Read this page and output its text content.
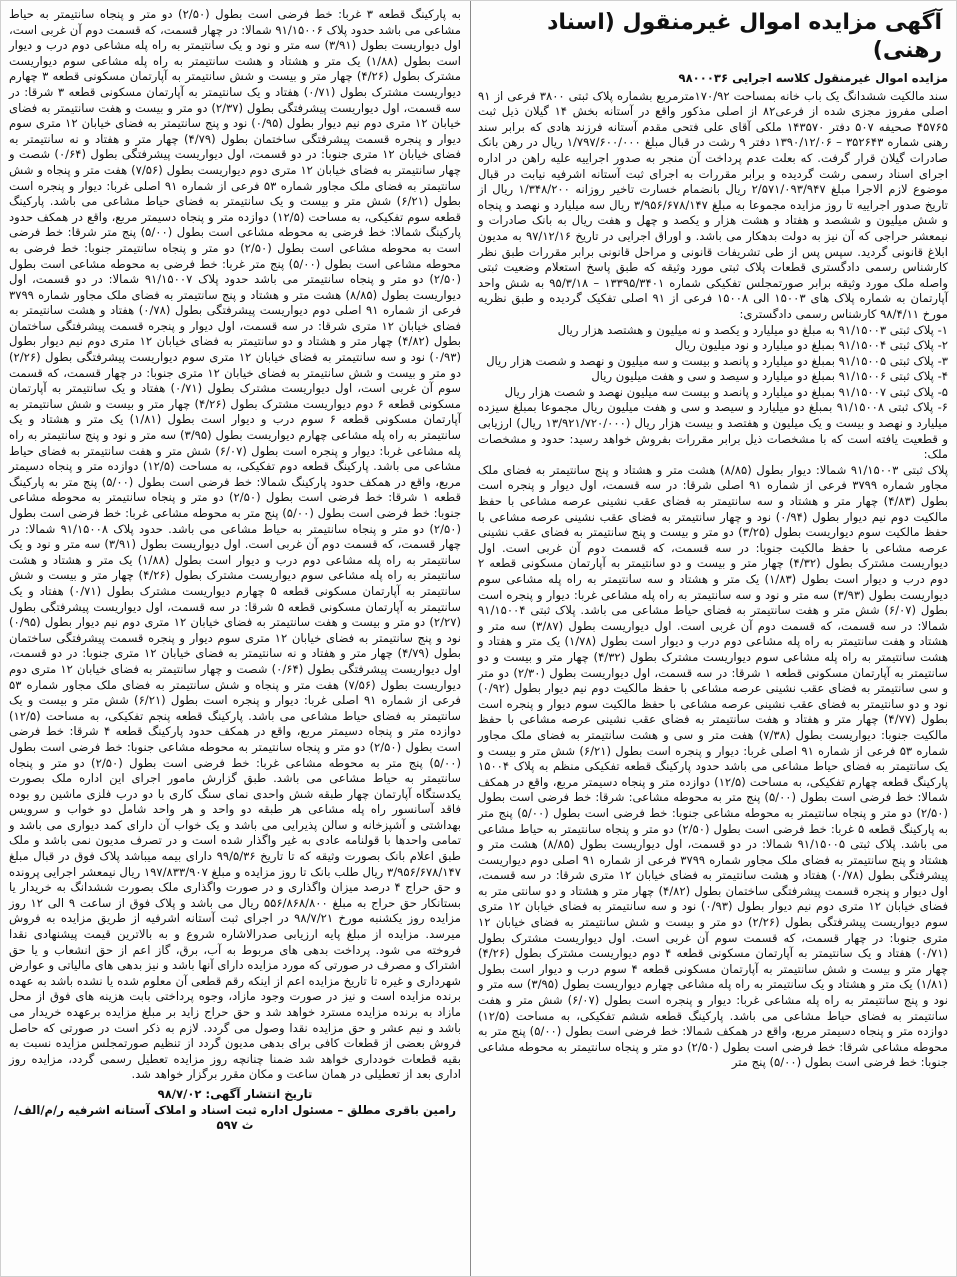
آگهی مزایده اموال غیرمنقول (اسناد رهنی)
مزایده اموال غیرمنقول کلاسه اجرایی ۹۸۰۰۰۳۶

سند مالکیت ششدانگ یک باب خانه بمساحت ۱۷۰/۹۲مترمربع بشماره پلاک ثبتی ۳۸۰۰ فرعی از ۹۱ اصلی مفروز مجزی شده از فرعی۸۲ از اصلی مذکور واقع در آستانه بخش ۱۴ گیلان ذیل ثبت ۴۵۷۶۵ صحیفه ۵۰۷ دفتر ۱۴۳۵۷۰ ملکی آقای علی فتحی مقدم آستانه فرزند هادی که برابر سند رهنی شماره ۳۵۲۶۴۳ – ۱۳۹۰/۱۲/۰۶ دفتر ۹ رشت در قبال مبلغ ۱/۷۹۷/۶۰۰/۰۰۰ ریال در رهن بانک صادرات گیلان قرار گرفت. که بعلت عدم پرداخت آن منجر به صدور اجراییه علیه راهن در اداره اجرای اسناد رسمی رشت گردیده و برابر مقررات به اجرای ثبت آستانه اشرفیه نیابت در قبال موضوع لازم الاجرا مبلغ ۲/۵۷۱/۰۹۳/۹۴۷ ریال بانضمام خسارت تاخیر روزانه ۱/۳۴۸/۲۰۰ ریال از تاریخ صدور اجراییه تا روز مزایده مجموعا به مبلغ ۳/۹۵۶/۶۷۸/۱۴۷ ریال سه میلیارد و نهصد و پنجاه و شش میلیون و ششصد و هفتاد و هشت هزار و یکصد و چهل و هفت ریال به بانک صادرات و نیمعشر حراجی که آن نیز به دولت بدهکار می باشد. و اوراق اجرایی در تاریخ ۹۷/۱۲/۱۶ به مدیون ابلاغ قانونی گردید. سپس پس از طی تشریفات قانونی و مراحل قانونی برابر مقررات طبق نظر کارشناس رسمی دادگستری قطعات پلاک ثبتی مورد وثیقه که طبق پاسخ استعلام وضعیت ثبتی واصله ملک مورد وثیقه برابر صورتمجلس تفکیکی شماره ۱۳۳۹۵/۳۴۰۱ – ۹۵/۳/۱۸ به شش واحد آپارتمان به شماره پلاک های ۱۵۰۰۳ الی ۱۵۰۰۸ فرعی از ۹۱ اصلی تفکیک گردیده و طبق نظریه مورخ ۹۸/۴/۱۱ کارشناس رسمی دادگستری:

۱- پلاک ثبتی ۹۱/۱۵۰۰۳ به مبلغ دو میلیارد و یکصد و نه میلیون و هشتصد هزار ریال

۲- پلاک ثبتی ۹۱/۱۵۰۰۴ بمبلغ دو میلیارد و نود میلیون ریال

۳- پلاک ثبتی ۹۱/۱۵۰۰۵ بمبلغ دو میلیارد و پانصد و بیست و سه میلیون و نهصد و شصت هزار ریال

۴- پلاک ثبتی ۹۱/۱۵۰۰۶ بمبلغ دو میلیارد و سیصد و سی و هفت میلیون ریال

۵- پلاک ثبتی ۹۱/۱۵۰۰۷ بمبلغ دو میلیارد و پانصد و بیست سه میلیون نهصد و شصت هزار ریال

۶- پلاک ثبتی ۹۱/۱۵۰۰۸ بمبلغ دو میلیارد و سیصد و سی و هفت میلیون ریال مجموعا بمبلغ سیزده میلیارد و نهصد و بیست و یک میلیون و هفتصد و بیست هزار ریال (۱۳/۹۲۱/۷۲۰/۰۰۰ ریال) ارزیابی و قطعیت یافته است که با مشخصات ذیل برابر مقررات بفروش خواهد رسید: حدود و مشخصات ملک:

پلاک ثبتی ۹۱/۱۵۰۰۳ شمالا: دیوار بطول (۸/۸۵) هشت متر و هشتاد و پنج سانتیمتر به فضای ملک مجاور شماره ۳۷۹۹ فرعی از شماره ۹۱ اصلی شرقا: در سه قسمت، اول دیوار و پنجره است بطول (۴/۸۳) چهار متر و هشتاد و سه سانتیمتر به فضای عقب نشینی عرصه مشاعی با حفظ مالکیت دوم نیم دیوار بطول (۰/۹۴) نود و چهار سانتیمتر به فضای عقب نشینی عرصه مشاعی با حفظ مالکیت سوم دیواریست بطول (۳/۲۵) دو متر و بیست و پنج سانتیمتر به فضای عقب نشینی عرصه مشاعی با حفظ مالکیت جنوبا: در سه قسمت، که قسمت دوم آن غربی است. اول دیواریست مشترک بطول (۴/۳۲) چهار متر و بیست و دو سانتیمتر به آپارتمان مسکونی قطعه ۲ دوم درب و دیوار است بطول (۱/۸۳) یک متر و هشتاد و سه سانتیمتر به راه پله مشاعی سوم دیواریست بطول (۳/۹۳) سه متر و نود و سه سانتیمتر به راه پله مشاعی غربا: دیوار و پنجره است بطول (۶/۰۷) شش متر و هفت سانتیمتر به فضای حیاط مشاعی می باشد. پلاک ثبتی ۹۱/۱۵۰۰۴ شمالا: در سه قسمت، که قسمت دوم آن غربی است. اول دیواریست بطول (۳/۸۷) سه متر و هشتاد و هفت سانتیمتر به راه پله مشاعی دوم درب و دیوار است بطول (۱/۷۸) یک متر و هفتاد و هشت سانتیمتر به راه پله مشاعی سوم دیواریست مشترک بطول (۴/۳۲) چهار متر و بیست و دو سانتیمتر به آپارتمان مسکونی قطعه ۱ شرقا: در سه قسمت، اول دیواریست بطول (۲/۳۰) دو متر و سی سانتیمتر به فضای عقب نشینی عرصه مشاعی با حفظ مالکیت دوم نیم دیوار بطول (۰/۹۲) نود و دو سانتیمتر به فضای عقب نشینی عرصه مشاعی با حفظ مالکیت سوم دیوار و پنجره است بطول (۴/۷۷) چهار متر و هفتاد و هفت سانتیمتر به فضای عقب نشینی عرصه مشاعی با حفظ مالکیت جنوبا: دیواریست بطول (۷/۳۸) هفت متر و سی و هشت سانتیمتر به فضای ملک مجاور شماره ۵۳ فرعی از شماره ۹۱ اصلی غربا: دیوار و پنجره است بطول (۶/۲۱) شش متر و بیست و یک سانتیمتر به فضای حیاط مشاعی می باشد حدود پارکینگ قطعه تفکیکی منظم به پلاک ۱۵۰۰۴ پارکینگ قطعه چهارم تفکیکی، به مساحت (۱۲/۵) دوازده متر و پنجاه دسیمتر مربع، واقع در همکف شمالا: خط فرضی است بطول (۵/۰۰) پنج متر به محوطه مشاعی: شرقا: خط فرضی است بطول (۲/۵۰) دو متر و پنجاه سانتیمتر به محوطه مشاعی جنوبا: خط فرضی است بطول (۵/۰۰) پنج متر به پارکینگ قطعه ۵ غربا: خط فرضی است بطول (۲/۵۰) دو متر و پنجاه سانتیمتر به حیاط مشاعی می باشد. پلاک ثبتی ۹۱/۱۵۰۰۵ شمالا: در دو قسمت، اول دیواریست بطول (۸/۸۵) هشت متر و هشتاد و پنج سانتیمتر به فضای ملک مجاور شماره ۳۷۹۹ فرعی از شماره ۹۱ اصلی دوم دیواریست پیشرفتگی بطول (۰/۷۸) هفتاد و هشت سانتیمتر به فضای خیابان ۱۲ متری شرقا: در سه قسمت، اول دیوار و پنجره قسمت پیشرفتگی ساختمان بطول (۴/۸۲) چهار متر و هشتاد و دو سانتی متر به فضای خیابان ۱۲ متری دوم نیم دیوار بطول (۰/۹۳) نود و سه سانتیمتر به فضای خیابان ۱۲ متری سوم دیواریست پیشرفتگی بطول (۲/۲۶) دو متر و بیست و شش سانتیمتر به فضای خیابان ۱۲ متری جنوبا: در چهار قسمت، که قسمت سوم آن غربی است. اول دیواریست مشترک بطول (۰/۷۱) هفتاد و یک سانتیمتر به آپارتمان مسکونی قطعه ۴ دوم دیواریست مشترک بطول (۴/۲۶) چهار متر و بیست و شش سانتیمتر به آپارتمان مسکونی قطعه ۴ سوم درب و دیوار است بطول (۱/۸۱) یک متر و هشتاد و یک سانتیمتر به راه پله مشاعی چهارم دیواریست بطول (۳/۹۵) سه متر و نود و پنج سانتیمتر به راه پله مشاعی غربا: دیوار و پنجره است بطول (۶/۰۷) شش متر و هفت سانتیمتر به فضای حیاط مشاعی می باشد. پارکینگ قطعه ششم تفکیکی، به مساحت (۱۲/۵) دوازده متر و پنجاه دسیمتر مربع، واقع در همکف شمالا: خط فرضی است بطول (۵/۰۰) پنج متر به محوطه مشاعی شرقا: خط فرضی است بطول (۲/۵۰) دو متر و پنجاه سانتیمتر به محوطه مشاعی جنوبا: خط فرضی است بطول (۵/۰۰) پنج متر

به پارکینگ قطعه ۳ غربا: خط فرضی است بطول (۲/۵۰) دو متر و پنجاه سانتیمتر به حیاط مشاعی می باشد حدود پلاک ۹۱/۱۵۰۰۶ شمالا: در چهار قسمت، که قسمت دوم آن غربی است، اول دیواریست بطول (۳/۹۱) سه متر و نود و یک سانتیمتر به راه پله مشاعی دوم درب و دیوار است بطول (۱/۸۸) یک متر و هشتاد و هشت سانتیمتر به راه پله مشاعی سوم دیواریست مشترک بطول (۴/۲۶) چهار متر و بیست و شش سانتیمتر به آپارتمان مسکونی قطعه ۳ چهارم دیواریست مشترک بطول (۰/۷۱) هفتاد و یک سانتیمتر به آپارتمان مسکونی قطعه ۳ شرقا: در سه قسمت، اول دیواریست پیشرفتگی بطول (۲/۳۷) دو متر و بیست و هفت سانتیمتر به فضای خیابان ۱۲ متری دوم نیم دیوار بطول (۰/۹۵) نود و پنج سانتیمتر به فضای خیابان ۱۲ متری سوم دیوار و پنجره قسمت پیشرفتگی ساختمان بطول (۴/۷۹) چهار متر و هفتاد و نه سانتیمتر به فضای خیابان ۱۲ متری جنوبا: در دو قسمت، اول دیواریست پیشرفتگی بطول (۰/۶۴) شصت و چهار سانتیمتر به فضای خیابان ۱۲ متری دوم دیواریست بطول (۷/۵۶) هفت متر و پنجاه و شش سانتیمتر به فضای ملک مجاور شماره ۵۳ فرعی از شماره ۹۱ اصلی غربا: دیوار و پنجره است بطول (۶/۲۱) شش متر و بیست و یک سانتیمتر به فضای حیاط مشاعی می باشد. پارکینگ قطعه سوم تفکیکی، به مساحت (۱۲/۵) دوازده متر و پنجاه دسیمتر مربع، واقع در همکف حدود پارکینگ شمالا: خط فرضی به محوطه مشاعی است بطول (۵/۰۰) پنج متر شرقا: خط فرضی است به محوطه مشاعی است بطول (۲/۵۰) دو متر و پنجاه سانتیمتر جنوبا: خط فرضی به محوطه مشاعی است بطول (۵/۰۰) پنج متر غربا: خط فرضی به محوطه مشاعی است بطول (۲/۵۰) دو متر و پنجاه سانتیمتر می باشد حدود پلاک ۹۱/۱۵۰۰۷ شمالا: در دو قسمت، اول دیواریست بطول (۸/۸۵) هشت متر و هشتاد و پنج سانتیمتر به فضای ملک مجاور شماره ۳۷۹۹ فرعی از شماره ۹۱ اصلی دوم دیواریست پیشرفتگی بطول (۰/۷۸) هفتاد و هشت سانتیمتر به فضای خیابان ۱۲ متری شرقا: در سه قسمت، اول دیوار و پنجره قسمت پیشرفتگی ساختمان بطول (۴/۸۲) چهار متر و هشتاد و دو سانتیمتر به فضای خیابان ۱۲ متری دوم نیم دیوار بطول (۰/۹۳) نود و سه سانتیمتر به فضای خیابان ۱۲ متری سوم دیواریست پیشرفتگی بطول (۲/۲۶) دو متر و بیست و شش سانتیمتر به فضای خیابان ۱۲ متری جنوبا: در چهار قسمت، که قسمت سوم آن غربی است، اول دیواریست مشترک بطول (۰/۷۱) هفتاد و یک سانتیمتر به آپارتمان مسکونی قطعه ۶ دوم دیواریست مشترک بطول (۴/۲۶) چهار متر و بیست و شش سانتیمتر به آپارتمان مسکونی قطعه ۶ سوم درب و دیوار است بطول (۱/۸۱) یک متر و هشتاد و یک سانتیمتر به راه پله مشاعی چهارم دیواریست بطول (۳/۹۵) سه متر و نود و پنج سانتیمتر به راه پله مشاعی غربا: دیوار و پنجره است بطول (۶/۰۷) شش متر و هفت سانتیمتر به فضای حیاط مشاعی می باشد. پارکینگ قطعه دوم تفکیکی، به مساحت (۱۲/۵) دوازده متر و پنجاه دسیمتر مربع، واقع در همکف حدود پارکینگ شمالا: خط فرضی است بطول (۵/۰۰) پنج متر به پارکینگ قطعه ۱ شرقا: خط فرضی است بطول (۲/۵۰) دو متر و پنجاه سانتیمتر به محوطه مشاعی جنوبا: خط فرضی است بطول (۵/۰۰) پنج متر به محوطه مشاعی غربا: خط فرضی است بطول (۲/۵۰) دو متر و پنجاه سانتیمتر به حیاط مشاعی می باشد. حدود پلاک ۹۱/۱۵۰۰۸ شمالا: در چهار قسمت، که قسمت دوم آن غربی است. اول دیواریست بطول (۳/۹۱) سه متر و نود و یک سانتیمتر به راه پله مشاعی دوم درب و دیوار است بطول (۱/۸۸) یک متر و هشتاد و هشت سانتیمتر به راه پله مشاعی سوم دیواریست مشترک بطول (۴/۲۶) چهار متر و بیست و شش سانتیمتر به آپارتمان مسکونی قطعه ۵ چهارم دیواریست مشترک بطول (۰/۷۱) هفتاد و یک سانتیمتر به آپارتمان مسکونی قطعه ۵ شرقا: در سه قسمت، اول دیواریست پیشرفتگی بطول (۲/۲۷) دو متر و بیست و هفت سانتیمتر به فضای خیابان ۱۲ متری دوم نیم دیوار بطول (۰/۹۵) نود و پنج سانتیمتر به فضای خیابان ۱۲ متری سوم دیوار و پنجره قسمت پیشرفتگی ساختمان بطول (۴/۷۹) چهار متر و هفتاد و نه سانتیمتر به فضای خیابان ۱۲ متری جنوبا: در دو قسمت، اول دیواریست پیشرفتگی بطول (۰/۶۴) شصت و چهار سانتیمتر به فضای خیابان ۱۲ متری دوم دیواریست بطول (۷/۵۶) هفت متر و پنجاه و شش سانتیمتر به فضای ملک مجاور شماره ۵۳ فرعی از شماره ۹۱ اصلی غربا: دیوار و پنجره است بطول (۶/۲۱) شش متر و بیست و یک سانتیمتر به فضای حیاط مشاعی می باشد. پارکینگ قطعه پنجم تفکیکی، به مساحت (۱۲/۵) دوازده متر و پنجاه دسیمتر مربع، واقع در همکف حدود پارکینگ قطعه ۴ شرقا: خط فرضی است بطول (۲/۵۰) دو متر و پنجاه سانتیمتر به محوطه مشاعی جنوبا: خط فرضی است بطول (۵/۰۰) پنج متر به محوطه مشاعی غربا: خط فرضی است بطول (۲/۵۰) دو متر و پنجاه سانتیمتر به حیاط مشاعی می باشد. طبق گزارش مامور اجرای این اداره ملک بصورت یکدستگاه آپارتمان چهار طبقه شش واحدی نمای سنگ کاری با دو درب فلزی ماشین رو بوده فاقد آسانسور راه پله مشاعی هر طبقه دو واحد و هر واحد شامل دو خواب و سرویس بهداشتی و آشپزخانه و سالن پذیرایی می باشد و یک خواب آن دارای کمد دیواری می باشد و تمامی واحدها با قولنامه عادی به غیر واگذار شده است و در تصرف مدیون نمی باشد و ملک طبق اعلام بانک بصورت وثیقه که تا تاریخ ۹۹/۵/۳۶ دارای بیمه میباشد پلاک فوق در قبال مبلغ ۳/۹۵۶/۶۷۸/۱۴۷ ریال طلب بانک تا روز مزایده و مبلغ ۱۹۷/۸۳۳/۹۰۷ ریال نیمعشر اجرایی پرونده و حق حراج ۴ درصد میزان واگذاری و در صورت واگذاری ملک بصورت ششدانگ به خریدار یا بستانکار حق حراج به مبلغ ۵۵۶/۸۶۸/۸۰۰ ریال می باشد و پلاک فوق از ساعت ۹ الی ۱۲ روز مزایده روز یکشنبه مورخ ۹۸/۷/۲۱ در اجرای ثبت آستانه اشرفیه از طریق مزایده به فروش میرسد. مزایده از مبلغ پایه ارزیابی صدرالاشاره شروع و به بالاترین قیمت پیشنهادی نقدا فروخته می شود. پرداخت بدهی های مربوط به آب، برق، گاز اعم از حق انشعاب و یا حق اشتراک و مصرف در صورتی که مورد مزایده دارای آنها باشد و نیز بدهی های مالیاتی و عوارض شهرداری و غیره تا تاریخ مزایده اعم از اینکه رقم قطعی آن معلوم شده یا نشده باشد به عهده برنده مزایده است و نیز در صورت وجود مازاد، وجوه پرداختی بابت هزینه های فوق از محل مازاد به برنده مزایده مسترد خواهد شد و حق حراج زاید بر مبلغ مزایده برعهده خریدار می باشد و نیم عشر و حق مزایده نقدا وصول می گردد. لازم به ذکر است در صورتی که حاصل فروش بعضی از قطعات کافی برای بدهی مدیون گردد از تنظیم صورتمجلس مزایده نسبت به بقیه قطعات خودداری خواهد شد ضمنا چنانچه روز مزایده تعطیل رسمی گردد، مزایده روز اداری بعد از تعطیلی در همان ساعت و مکان مقرر برگزار خواهد شد.

تاریخ انتشار آگهی: ۹۸/۷/۰۲
رامین باقری مطلق – مسئول اداره ثبت اسناد و املاک آستانه اشرفیه ر/م/الف/ث ۵۹۷
